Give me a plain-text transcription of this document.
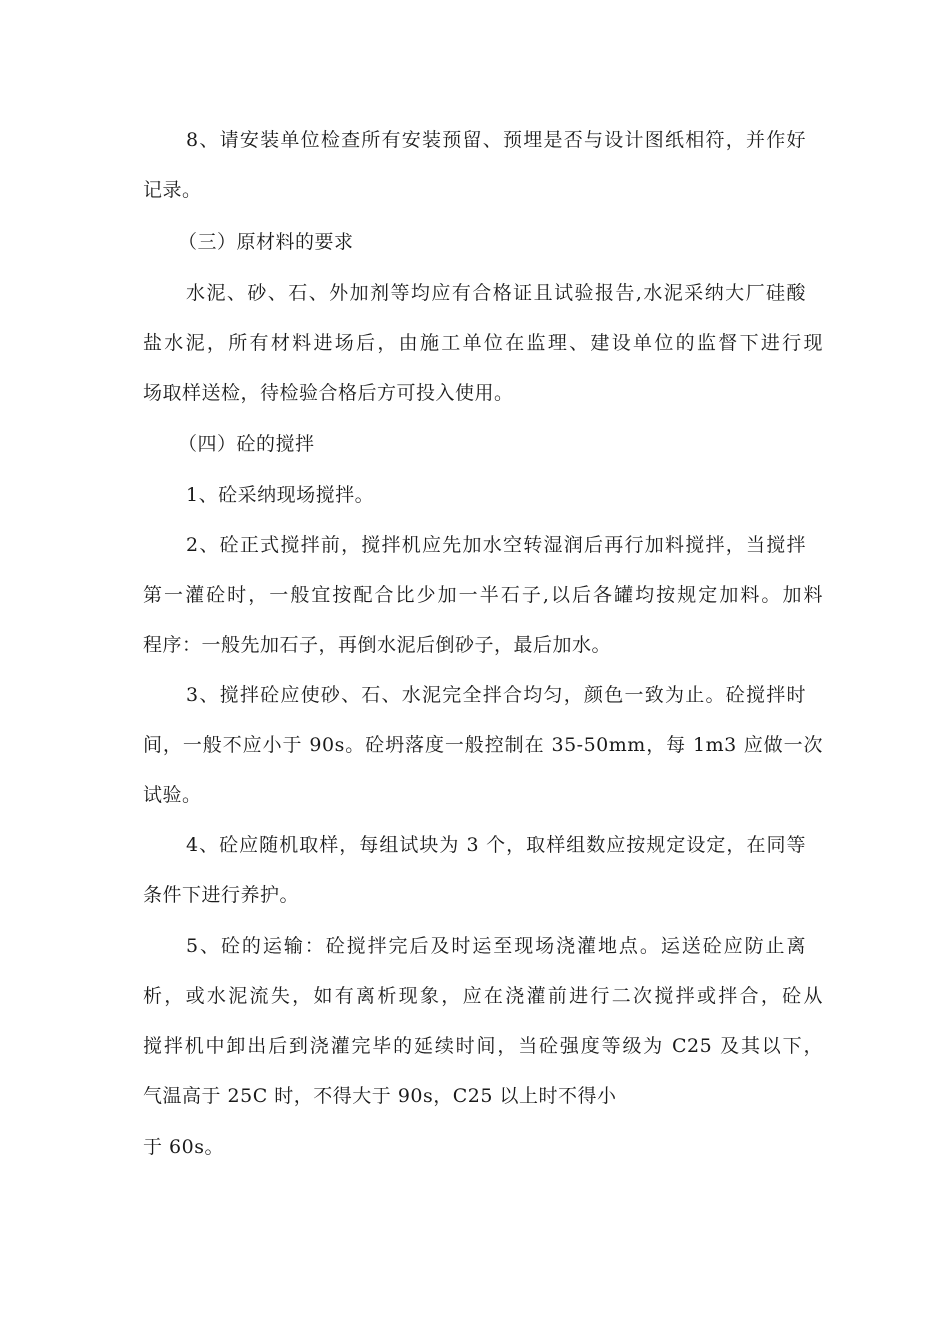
8、请安装单位检查所有安装预留、预埋是否与设计图纸相符，并作好
记录。
（三）原材料的要求
水泥、砂、石、外加剂等均应有合格证且试验报告,水泥采纳大厂硅酸
盐水泥，所有材料进场后，由施工单位在监理、建设单位的监督下进行现
场取样送检，待检验合格后方可投入使用。
（四）砼的搅拌
1、砼采纳现场搅拌。
2、砼正式搅拌前，搅拌机应先加水空转湿润后再行加料搅拌，当搅拌
第一灌砼时，一般宜按配合比少加一半石子,以后各罐均按规定加料。加料
程序：一般先加石子，再倒水泥后倒砂子，最后加水。
3、搅拌砼应使砂、石、水泥完全拌合均匀，颜色一致为止。砼搅拌时
间，一般不应小于 90s。砼坍落度一般控制在 35-50mm，每 1m3 应做一次
试验。
4、砼应随机取样，每组试块为 3 个，取样组数应按规定设定，在同等
条件下进行养护。
5、砼的运输：砼搅拌完后及时运至现场浇灌地点。运送砼应防止离
析，或水泥流失，如有离析现象，应在浇灌前进行二次搅拌或拌合，砼从
搅拌机中卸出后到浇灌完毕的延续时间，当砼强度等级为 C25 及其以下，
气温高于 25C 时，不得大于 90s，C25 以上时不得小
于 60s。
